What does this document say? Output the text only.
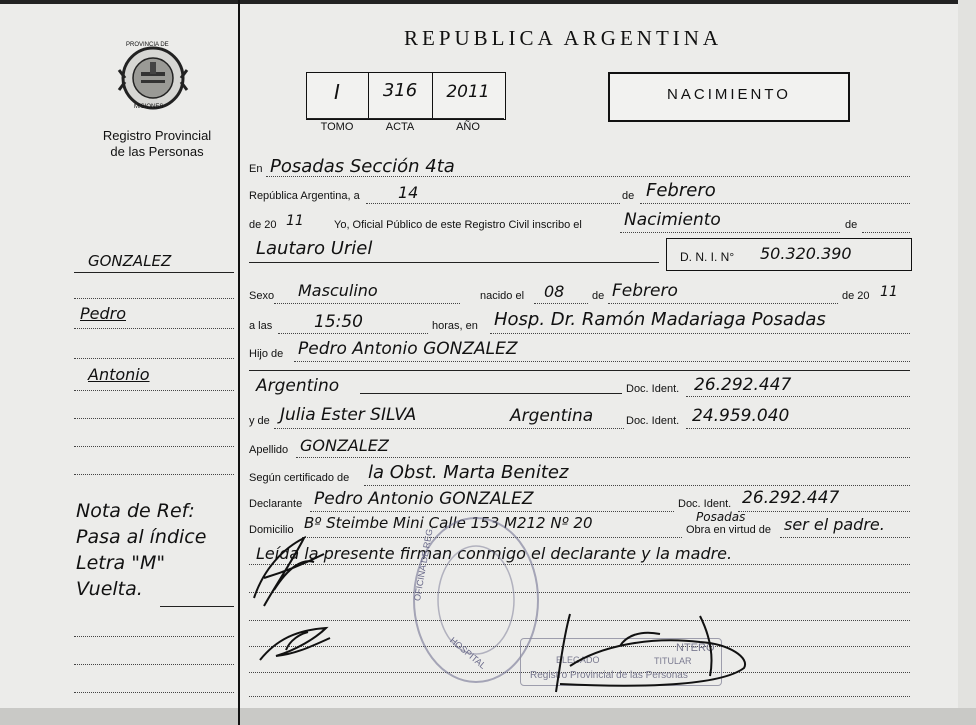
PROVINCIA DE
MISIONES
Registro Provincial
de las Personas
GONZALEZ
Pedro
Antonio
Nota de Ref:
Pasa al índice
Letra "M"
Vuelta.
REPUBLICA ARGENTINA
I	316	2011
TOMO	ACTA	AÑO
NACIMIENTO
En Posadas Sección 4ta
República Argentina, a 14	de Febrero
de 20 11	Yo, Oficial Público de este Registro Civil inscribo el Nacimiento	de
Lautaro Uriel	D. N. I. N° 50.320.390
Sexo Masculino	nacido el 08	de Febrero	de 20 11
a las 15:50	horas, en Hosp. Dr. Ramón Madariaga Posadas
Hijo de Pedro Antonio GONZALEZ
Argentino	Doc. Ident. 26.292.447
y de Julia Ester SILVA	Argentina	Doc. Ident. 24.959.040
Apellido GONZALEZ
Según certificado de la Obst. Marta Benitez
Declarante Pedro Antonio GONZALEZ	Doc. Ident. 26.292.447
Domicilio Bº Steimbe Mini Calle 153 M212 Nº 20	Posadas
Obra en virtud de ser el padre.
Leída la presente firman conmigo el declarante y la madre.
OFICINA DE REG.
HOSPITAL	NTERO
ELEGADO	TITULAR
Registro Provincial de las Personas
